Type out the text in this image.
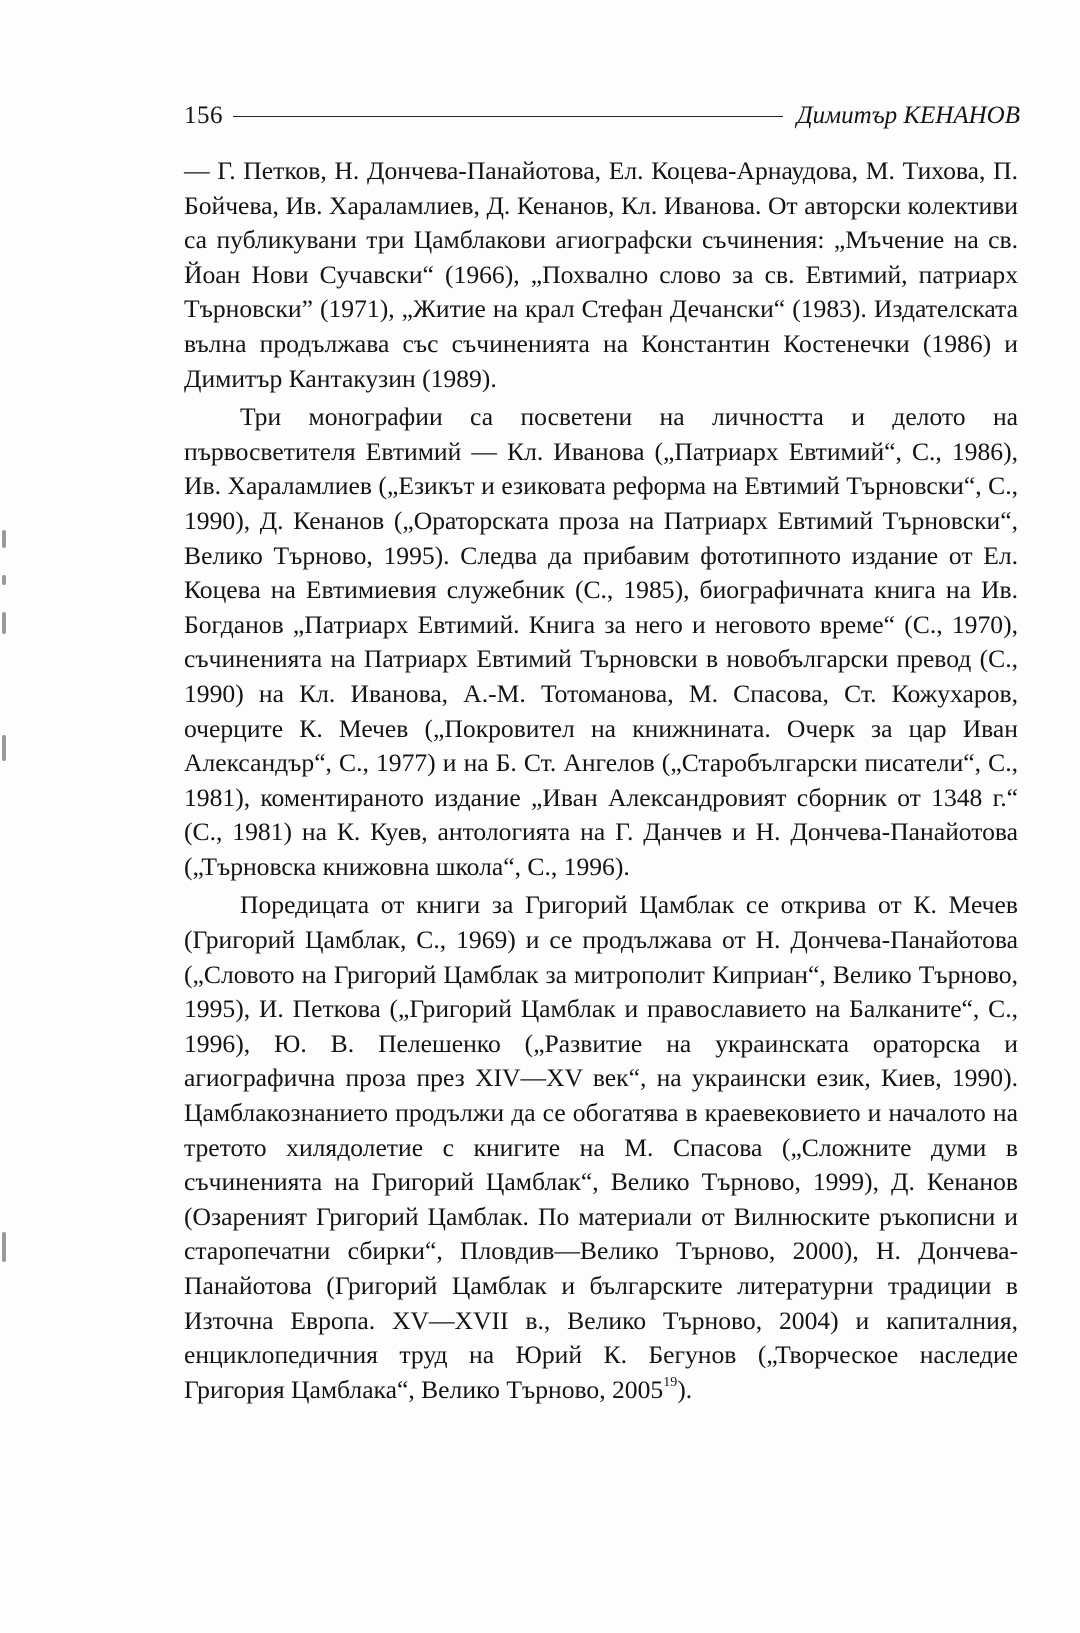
156	Димитър КЕНАНОВ

— Г. Петков, Н. Дончева-Панайотова, Ел. Коцева-Арнаудова, М. Тихова, П. Бойчева, Ив. Хараламлиев, Д. Кенанов, Кл. Иванова. От авторски колективи са публикувани три Цамблакови агиографски съчинения: „Мъчение на св. Йоан Нови Сучавски“ (1966), „Похвално слово за св. Евтимий, патриарх Търновски” (1971), „Житие на крал Стефан Дечански“ (1983). Издателската вълна продължава със съчиненията на Константин Костенечки (1986) и Димитър Кантакузин (1989).

Три монографии са посветени на личността и делото на първосветителя Евтимий — Кл. Иванова („Патриарх Евтимий“, С., 1986), Ив. Хараламлиев („Езикът и езиковата реформа на Евтимий Търновски“, С., 1990), Д. Кенанов („Ораторската проза на Патриарх Евтимий Търновски“, Велико Търново, 1995). Следва да прибавим фототипното издание от Ел. Коцева на Евтимиевия служебник (С., 1985), биографичната книга на Ив. Богданов „Патриарх Евтимий. Книга за него и неговото време“ (С., 1970), съчиненията на Патриарх Евтимий Търновски в новобългарски превод (С., 1990) на Кл. Иванова, А.-М. Тотоманова, М. Спасова, Ст. Кожухаров, очерците К. Мечев („Покровител на книжнината. Очерк за цар Иван Александър“, С., 1977) и на Б. Ст. Ангелов („Старобългарски писатели“, С., 1981), коментираното издание „Иван Александровият сборник от 1348 г.“ (С., 1981) на К. Куев, антологията на Г. Данчев и Н. Дончева-Панайотова („Търновска книжовна школа“, С., 1996).

Поредицата от книги за Григорий Цамблак се открива от К. Мечев (Григорий Цамблак, С., 1969) и се продължава от Н. Дончева-Панайотова („Словото на Григорий Цамблак за митрополит Киприан“, Велико Търново, 1995), И. Петкова („Григорий Цамблак и православието на Балканите“, С., 1996), Ю. В. Пелешенко („Развитие на украинската ораторска и агиографична проза през XIV—XV век“, на украински език, Киев, 1990). Цамблакознанието продължи да се обогатява в краевековието и началото на третото хилядолетие с книгите на М. Спасова („Сложните думи в съчиненията на Григорий Цамблак“, Велико Търново, 1999), Д. Кенанов (Озареният Григорий Цамблак. По материали от Вилнюските ръкописни и старопечатни сбирки“, Пловдив—Велико Търново, 2000), Н. Дончева-Панайотова (Григорий Цамблак и българските литературни традиции в Източна Европа. XV—XVII в., Велико Търново, 2004) и капиталния, енциклопедичния труд на Юрий К. Бегунов („Творческое наследие Григория Цамблака“, Велико Търново, 2005$^{19}$).
